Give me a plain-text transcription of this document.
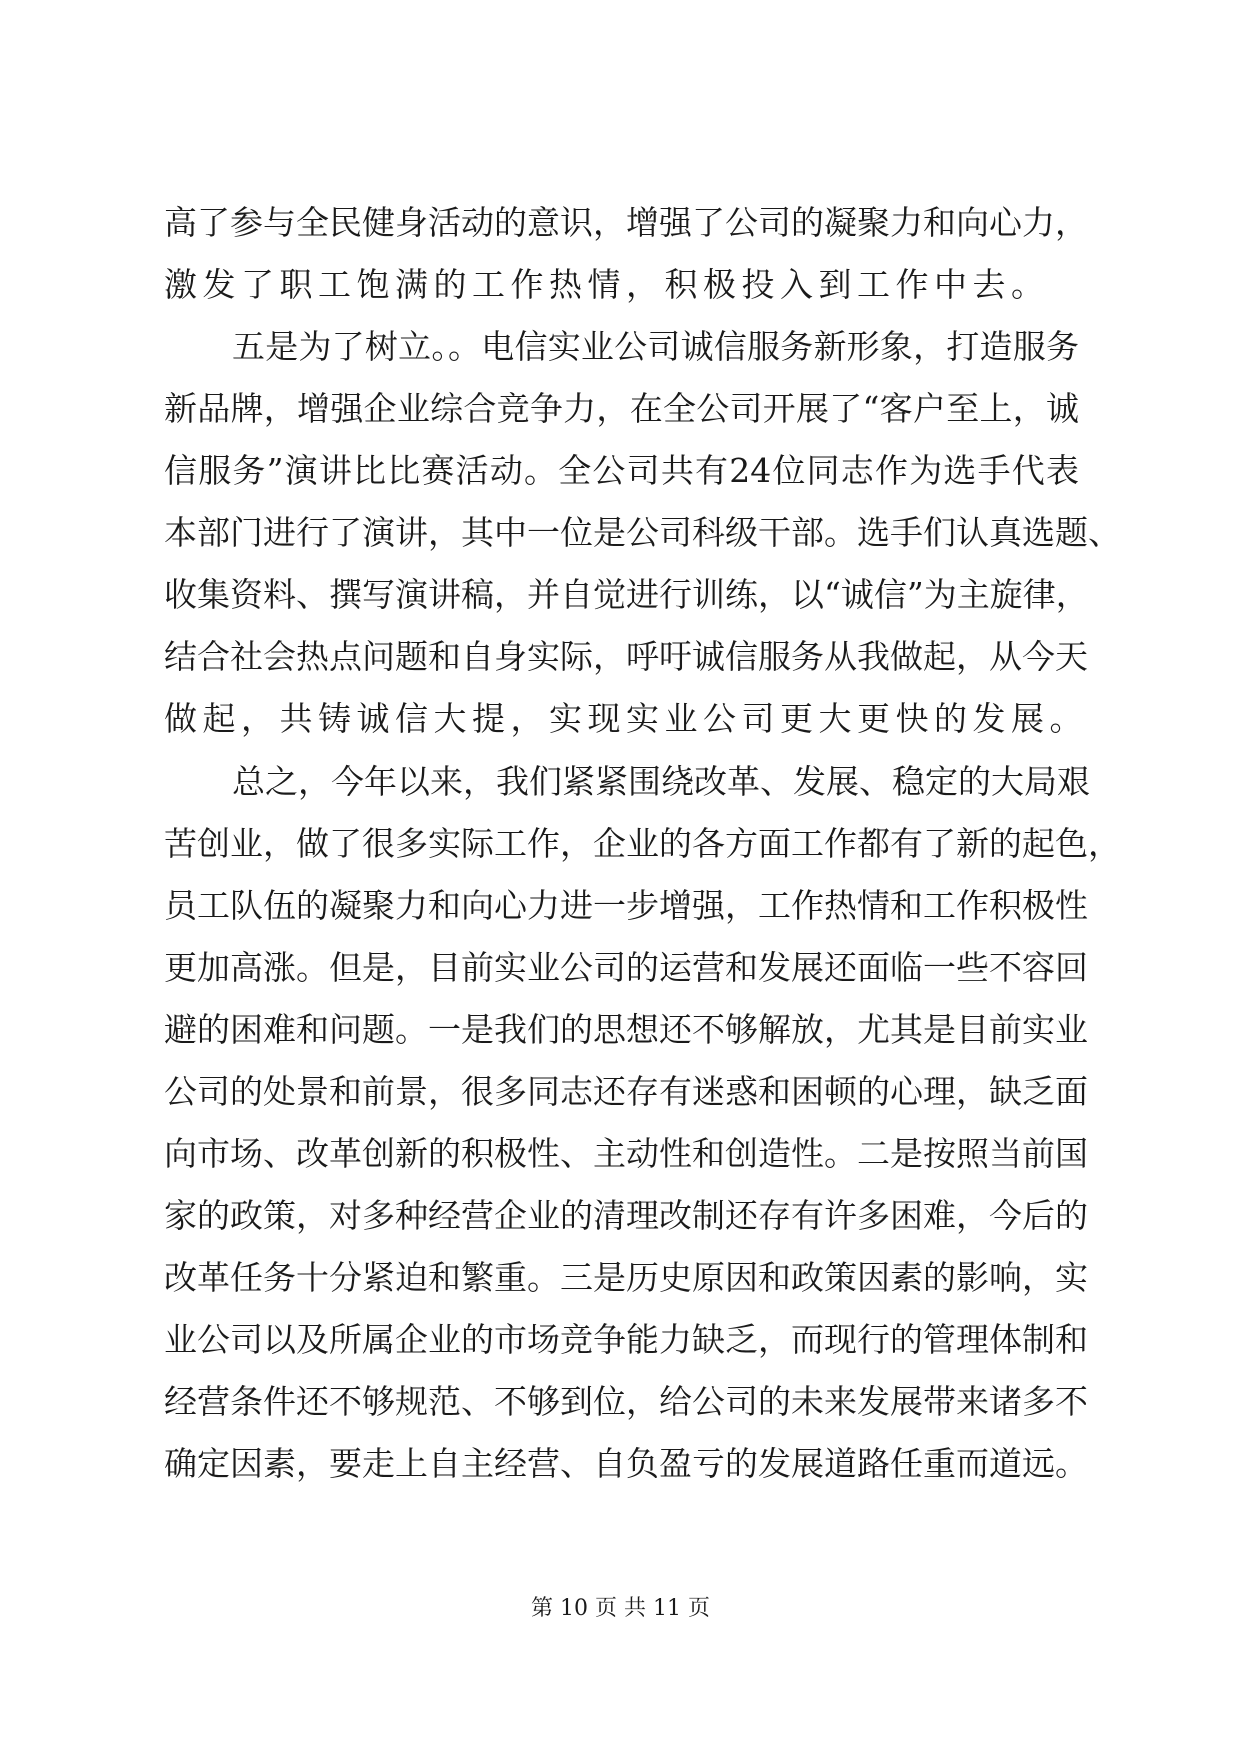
高了参与全民健身活动的意识，增强了公司的凝聚力和向心力，
激发了职工饱满的工作热情，积极投入到工作中去。
五是为了树立。。电信实业公司诚信服务新形象，打造服务
新品牌，增强企业综合竞争力，在全公司开展了“客户至上，诚
信服务”演讲比比赛活动。全公司共有24位同志作为选手代表
本部门进行了演讲，其中一位是公司科级干部。选手们认真选题、
收集资料、撰写演讲稿，并自觉进行训练，以“诚信”为主旋律，
结合社会热点问题和自身实际，呼吁诚信服务从我做起，从今天
做起，共铸诚信大提，实现实业公司更大更快的发展。
总之，今年以来，我们紧紧围绕改革、发展、稳定的大局艰
苦创业，做了很多实际工作，企业的各方面工作都有了新的起色，
员工队伍的凝聚力和向心力进一步增强，工作热情和工作积极性
更加高涨。但是，目前实业公司的运营和发展还面临一些不容回
避的困难和问题。一是我们的思想还不够解放，尤其是目前实业
公司的处景和前景，很多同志还存有迷惑和困顿的心理，缺乏面
向市场、改革创新的积极性、主动性和创造性。二是按照当前国
家的政策，对多种经营企业的清理改制还存有许多困难，今后的
改革任务十分紧迫和繁重。三是历史原因和政策因素的影响，实
业公司以及所属企业的市场竞争能力缺乏，而现行的管理体制和
经营条件还不够规范、不够到位，给公司的未来发展带来诸多不
确定因素，要走上自主经营、自负盈亏的发展道路任重而道远。
第 10 页 共 11 页
